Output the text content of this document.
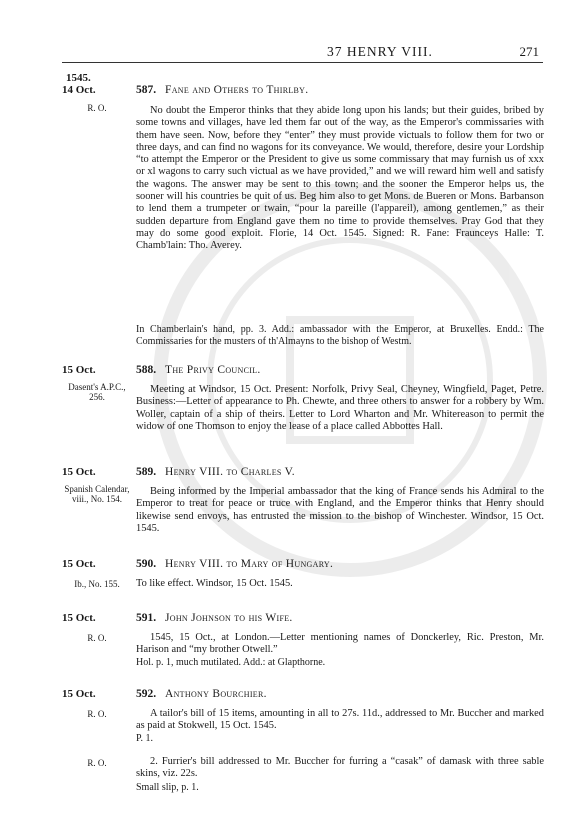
37 HENRY VIII.	271
1545.
14 Oct.
R. O.
587. Fane and Others to Thirlby.
No doubt the Emperor thinks that they abide long upon his lands; but their guides, bribed by some towns and villages, have led them far out of the way, as the Emperor's commissaries with them have seen. Now, before they “enter” they must provide victuals to follow them for two or three days, and can find no wagons for its conveyance. We would, therefore, desire your Lordship “to attempt the Emperor or the President to give us some commissary that may furnish us of xxx or xl wagons to carry such victual as we have provided,” and we will reward him well and satisfy the wagons. The answer may be sent to this town; and the sooner the Emperor helps us, the sooner will his countries be quit of us. Beg him also to get Mons. de Bueren or Mons. Barbanson to lend them a trumpeter or twain, “pour la pareille (l'appareil), among gentlemen,” as their sudden departure from England gave them no time to provide themselves. Pray God that they may do some good exploit. Florie, 14 Oct. 1545. Signed: R. Fane: Frаunceys Halle: T. Chamb'lain: Tho. Averey.
In Chamberlain's hand, pp. 3. Add.: ambassador with the Emperor, at Bruxelles. Endd.: The Commissaries for the musters of th'Almayns to the bishop of Westm.
15 Oct.
Dasent's A.P.C., 256.
588. The Privy Council.
Meeting at Windsor, 15 Oct. Present: Norfolk, Privy Seal, Cheyney, Wingfield, Paget, Petre. Business:—Letter of appearance to Ph. Chewte, and three others to answer for a robbery by Wm. Woller, captain of a ship of theirs. Letter to Lord Wharton and Mr. Whitereason to permit the widow of one Thomson to enjoy the lease of a place called Abbottes Hall.
15 Oct.
Spanish Calendar, viii., No. 154.
589. Henry VIII. to Charles V.
Being informed by the Imperial ambassador that the king of France sends his Admiral to the Emperor to treat for peace or truce with England, and the Emperor thinks that Henry should likewise send envoys, has entrusted the mission to the bishop of Winchester. Windsor, 15 Oct. 1545.
15 Oct.
Ib., No. 155.
590. Henry VIII. to Mary of Hungary.
To like effect. Windsor, 15 Oct. 1545.
15 Oct.
R. O.
591. John Johnson to his Wife.
1545, 15 Oct., at London.—Letter mentioning names of Donckerley, Ric. Preston, Mr. Harison and “my brother Otwell.”
Hol. p. 1, much mutilated. Add.: at Glapthorne.
15 Oct.
R. O.
592. Anthony Bourchier.
A tailor's bill of 15 items, amounting in all to 27s. 11d., addressed to Mr. Buccher and marked as paid at Stokwell, 15 Oct. 1545.
P. 1.
R. O.	2. Furrier's bill addressed to Mr. Buccher for furring a “casak” of damask with three sable skins, viz. 22s.
Small slip, p. 1.
